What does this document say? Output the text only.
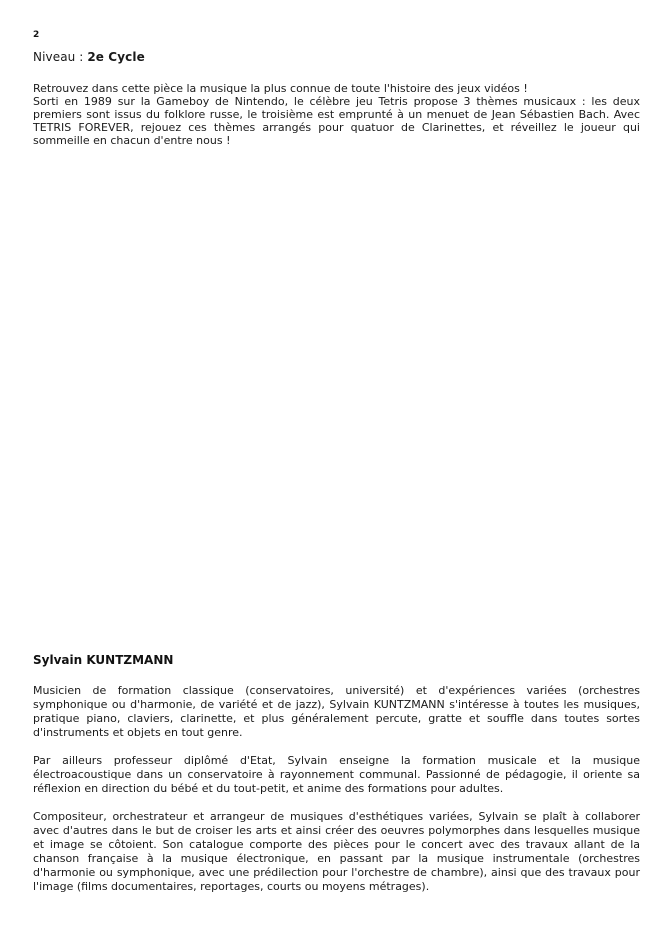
2
Niveau : 2e Cycle

Retrouvez dans cette pièce la musique la plus connue de toute l'histoire des jeux vidéos !

Sorti en 1989 sur la Gameboy de Nintendo, le célèbre jeu Tetris propose 3 thèmes musicaux : les deux premiers sont issus du folklore russe, le troisième est emprunté à un menuet de Jean Sébastien Bach. Avec TETRIS FOREVER, rejouez ces thèmes arrangés pour quatuor de Clarinettes, et réveillez le joueur qui sommeille en chacun d'entre nous !

Sylvain KUNTZMANN

Musicien de formation classique (conservatoires, université) et d'expériences variées (orchestres symphonique ou d'harmonie, de variété et de jazz), Sylvain KUNTZMANN s'intéresse à toutes les musiques, pratique piano, claviers, clarinette, et plus généralement percute, gratte et souffle dans toutes sortes d'instruments et objets en tout genre.

Par ailleurs professeur diplômé d'Etat, Sylvain enseigne la formation musicale et la musique électroacoustique dans un conservatoire à rayonnement communal. Passionné de pédagogie, il oriente sa réflexion en direction du bébé et du tout-petit, et anime des formations pour adultes.

Compositeur, orchestrateur et arrangeur de musiques d'esthétiques variées, Sylvain se plaît à collaborer avec d'autres dans le but de croiser les arts et ainsi créer des oeuvres polymorphes dans lesquelles musique et image se côtoient. Son catalogue comporte des pièces pour le concert avec des travaux allant de la chanson française à la musique électronique, en passant par la musique instrumentale (orchestres d'harmonie ou symphonique, avec une prédilection pour l'orchestre de chambre), ainsi que des travaux pour l'image (films documentaires, reportages, courts ou moyens métrages).
